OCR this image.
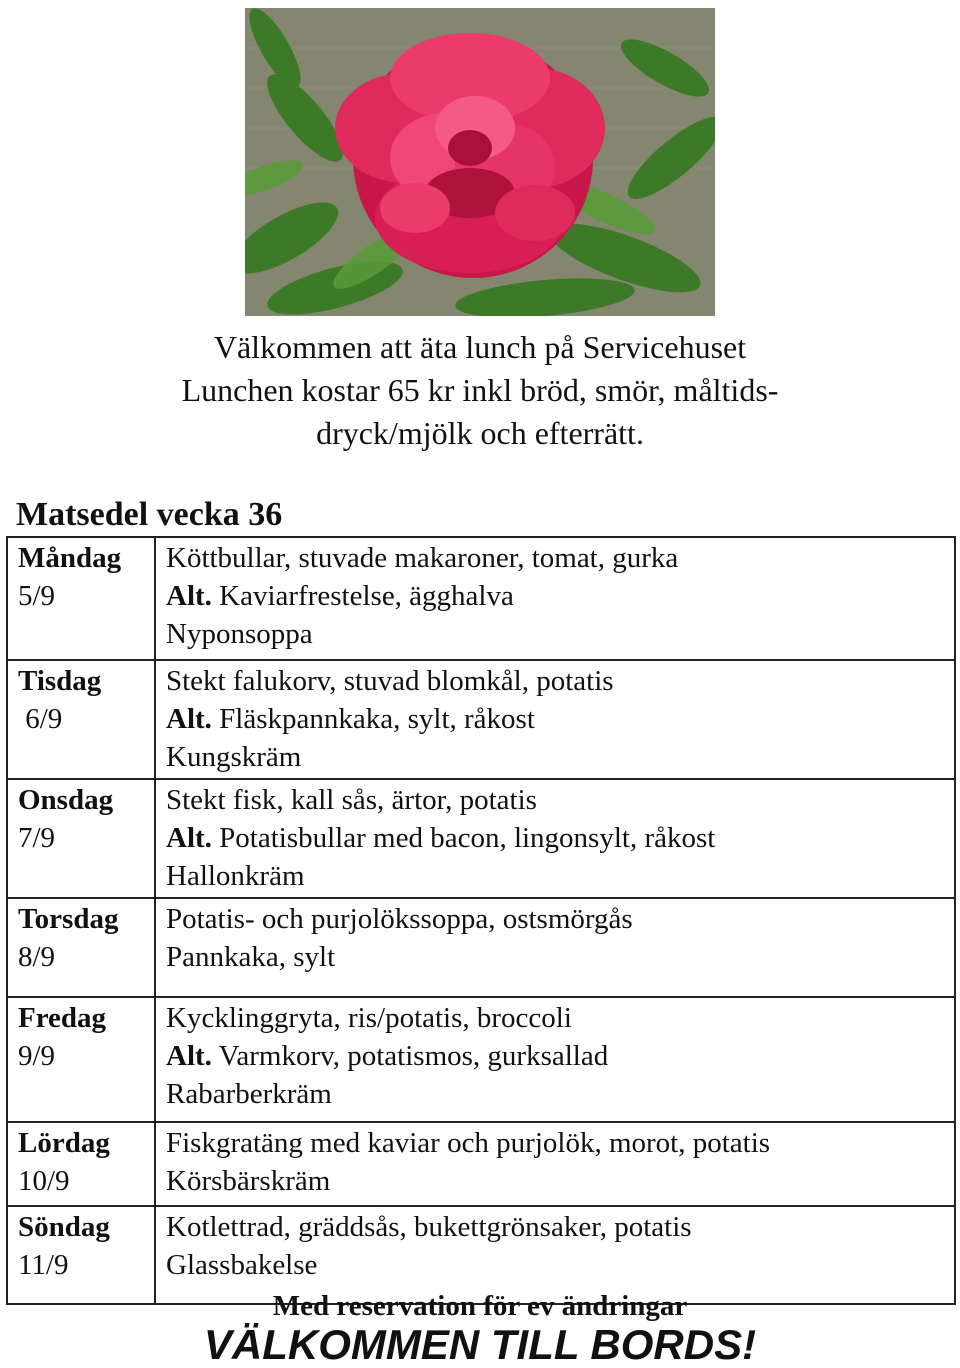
Välkommen att äta lunch på Servicehuset
Lunchen kostar 65 kr inkl bröd, smör, måltids-
dryck/mjölk och efterrätt.
Matsedel vecka 36
Måndag
5/9	Köttbullar, stuvade makaroner, tomat, gurka
Alt. Kaviarfrestelse, ägghalva
Nyponsoppa

Tisdag
6/9	Stekt falukorv, stuvad blomkål, potatis
Alt. Fläskpannkaka, sylt, råkost
Kungskräm

Onsdag
7/9	Stekt fisk, kall sås, ärtor, potatis
Alt. Potatisbullar med bacon, lingonsylt, råkost
Hallonkräm

Torsdag
8/9	Potatis- och purjolökssoppa, ostsmörgås
Pannkaka, sylt

Fredag
9/9	Kycklinggryta, ris/potatis, broccoli
Alt. Varmkorv, potatismos, gurksallad
Rabarberkräm

Lördag
10/9	Fiskgratäng med kaviar och purjolök, morot, potatis
Körsbärskräm

Söndag
11/9	Kotlettrad, gräddsås, bukettgrönsaker, potatis
Glassbakelse
Med reservation för ev ändringar
VÄLKOMMEN TILL BORDS!
